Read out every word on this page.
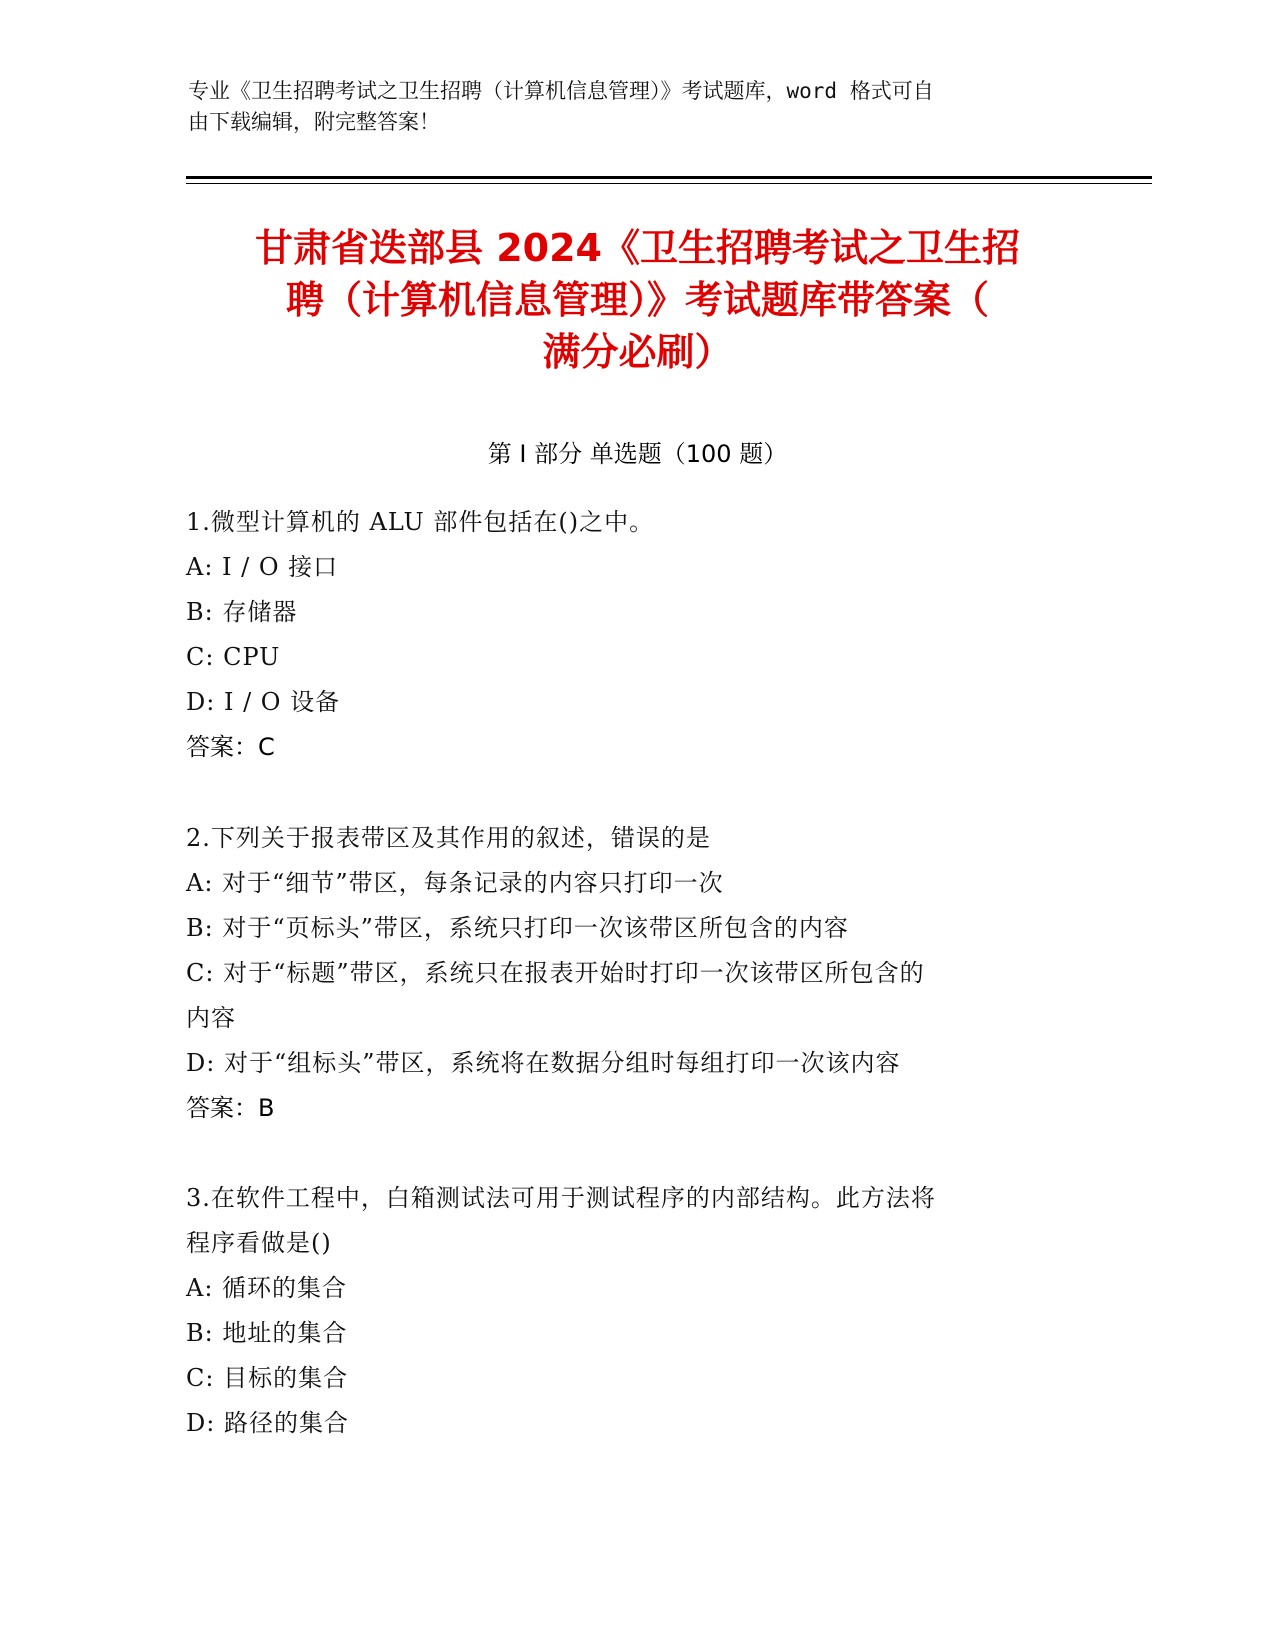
专业《卫生招聘考试之卫生招聘（计算机信息管理）》考试题库，word 格式可自
由下载编辑，附完整答案！
甘肃省迭部县 2024《卫生招聘考试之卫生招
聘（计算机信息管理）》考试题库带答案（
满分必刷）
第 I 部分 单选题（100 题）
1.微型计算机的 ALU 部件包括在()之中。
A: I / O 接口
B: 存储器
C: CPU
D: I / O 设备
答案：C
2.下列关于报表带区及其作用的叙述，错误的是
A: 对于“细节”带区，每条记录的内容只打印一次
B: 对于“页标头”带区，系统只打印一次该带区所包含的内容
C: 对于“标题”带区，系统只在报表开始时打印一次该带区所包含的
内容
D: 对于“组标头”带区，系统将在数据分组时每组打印一次该内容
答案：B
3.在软件工程中，白箱测试法可用于测试程序的内部结构。此方法将
程序看做是()
A: 循环的集合
B: 地址的集合
C: 目标的集合
D: 路径的集合
